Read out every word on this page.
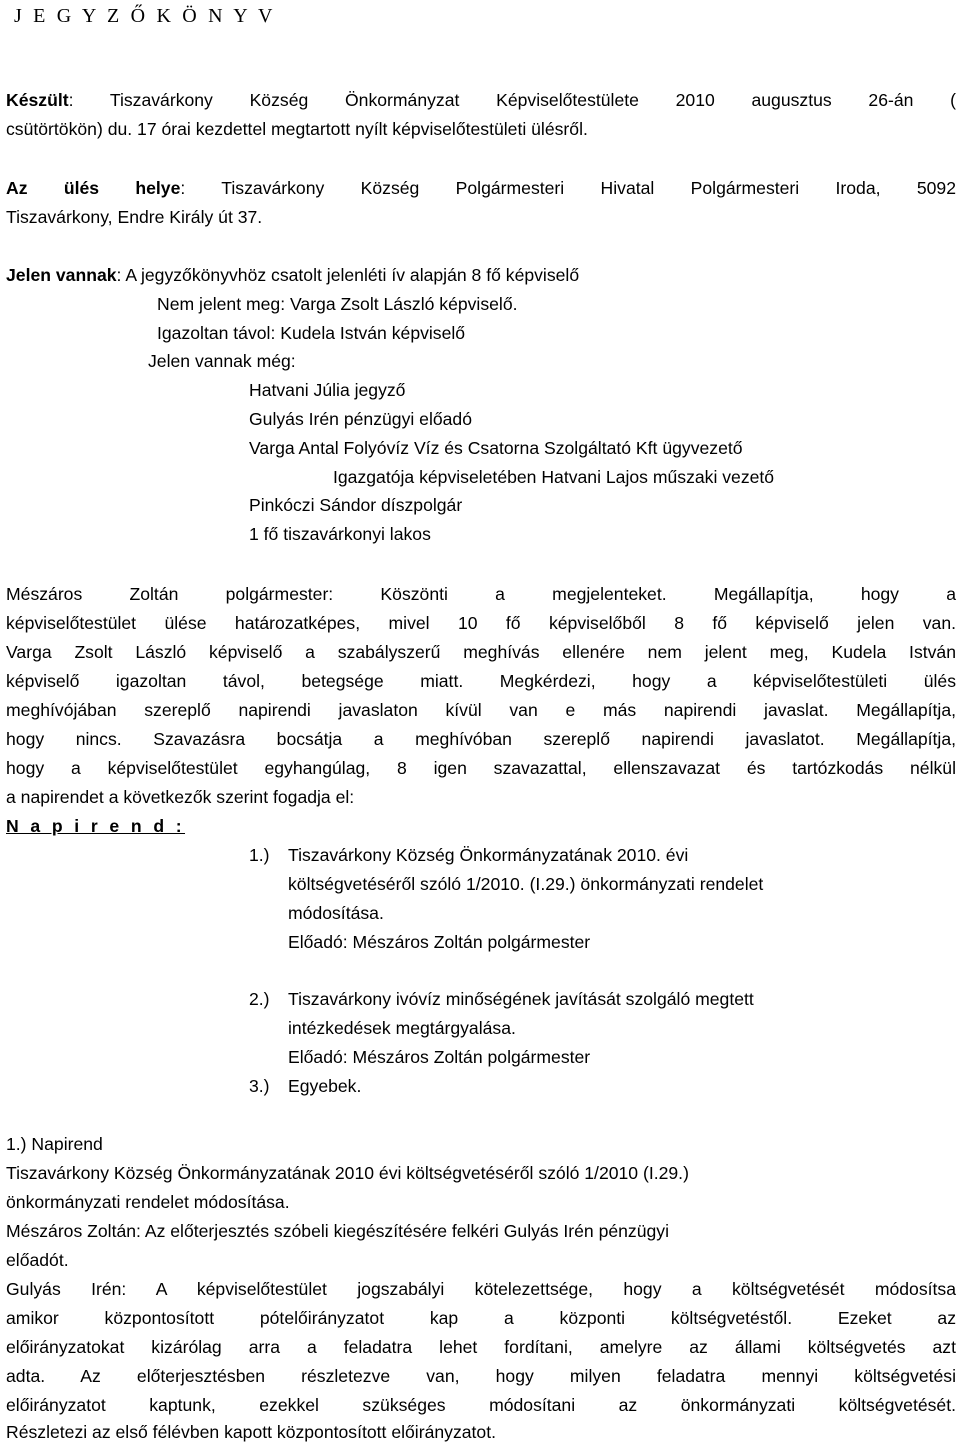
J E G Y Z Ő K Ö N Y V
Készült: Tiszavárkony Község Önkormányzat Képviselőtestülete 2010 augusztus 26-án (
csütörtökön) du. 17 órai kezdettel megtartott nyílt képviselőtestületi ülésről.
Az ülés helye: Tiszavárkony Község Polgármesteri Hivatal Polgármesteri Iroda, 5092
Tiszavárkony, Endre Király út 37.
Jelen vannak: A jegyzőkönyvhöz csatolt jelenléti ív alapján 8 fő képviselő
Nem jelent meg: Varga Zsolt László képviselő.
Igazoltan távol: Kudela István képviselő
Jelen vannak még:
Hatvani Júlia jegyző
Gulyás Irén pénzügyi előadó
Varga Antal Folyóvíz Víz és Csatorna Szolgáltató Kft ügyvezető
Igazgatója képviseletében Hatvani Lajos műszaki vezető
Pinkóczi Sándor díszpolgár
1 fő tiszavárkonyi lakos
Mészáros Zoltán polgármester: Köszönti a megjelenteket. Megállapítja, hogy a
képviselőtestület ülése határozatképes, mivel 10 fő képviselőből 8 fő képviselő jelen van.
Varga Zsolt László képviselő a szabályszerű meghívás ellenére nem jelent meg, Kudela István
képviselő igazoltan távol, betegsége miatt. Megkérdezi, hogy a képviselőtestületi ülés
meghívójában szereplő napirendi javaslaton kívül van e más napirendi javaslat. Megállapítja,
hogy nincs. Szavazásra bocsátja a meghívóban szereplő napirendi javaslatot. Megállapítja,
hogy a képviselőtestület egyhangúlag, 8 igen szavazattal, ellenszavazat és tartózkodás nélkül
a napirendet a következők szerint fogadja el:
N a p i r e n d :
1.) Tiszavárkony Község Önkormányzatának 2010. évi
költségvetéséről szóló 1/2010. (I.29.) önkormányzati rendelet
módosítása.
Előadó: Mészáros Zoltán polgármester
2.) Tiszavárkony ivóvíz minőségének javítását szolgáló megtett
intézkedések megtárgyalása.
Előadó: Mészáros Zoltán polgármester
3.) Egyebek.
1.) Napirend
Tiszavárkony Község Önkormányzatának 2010 évi költségvetéséről szóló 1/2010 (I.29.)
önkormányzati rendelet módosítása.
Mészáros Zoltán: Az előterjesztés szóbeli kiegészítésére felkéri Gulyás Irén pénzügyi
előadót.
Gulyás Irén: A képviselőtestület jogszabályi kötelezettsége, hogy a költségvetését módosítsa
amikor központosított pótelőirányzatot kap a központi költségvetéstől. Ezeket az
előirányzatokat kizárólag arra a feladatra lehet fordítani, amelyre az állami költségvetés azt
adta. Az előterjesztésben részletezve van, hogy milyen feladatra mennyi költségvetési
előirányzatot kaptunk, ezekkel szükséges módosítani az önkormányzati költségvetését.
Részletezi az első félévben kapott központosított előirányzatot.
